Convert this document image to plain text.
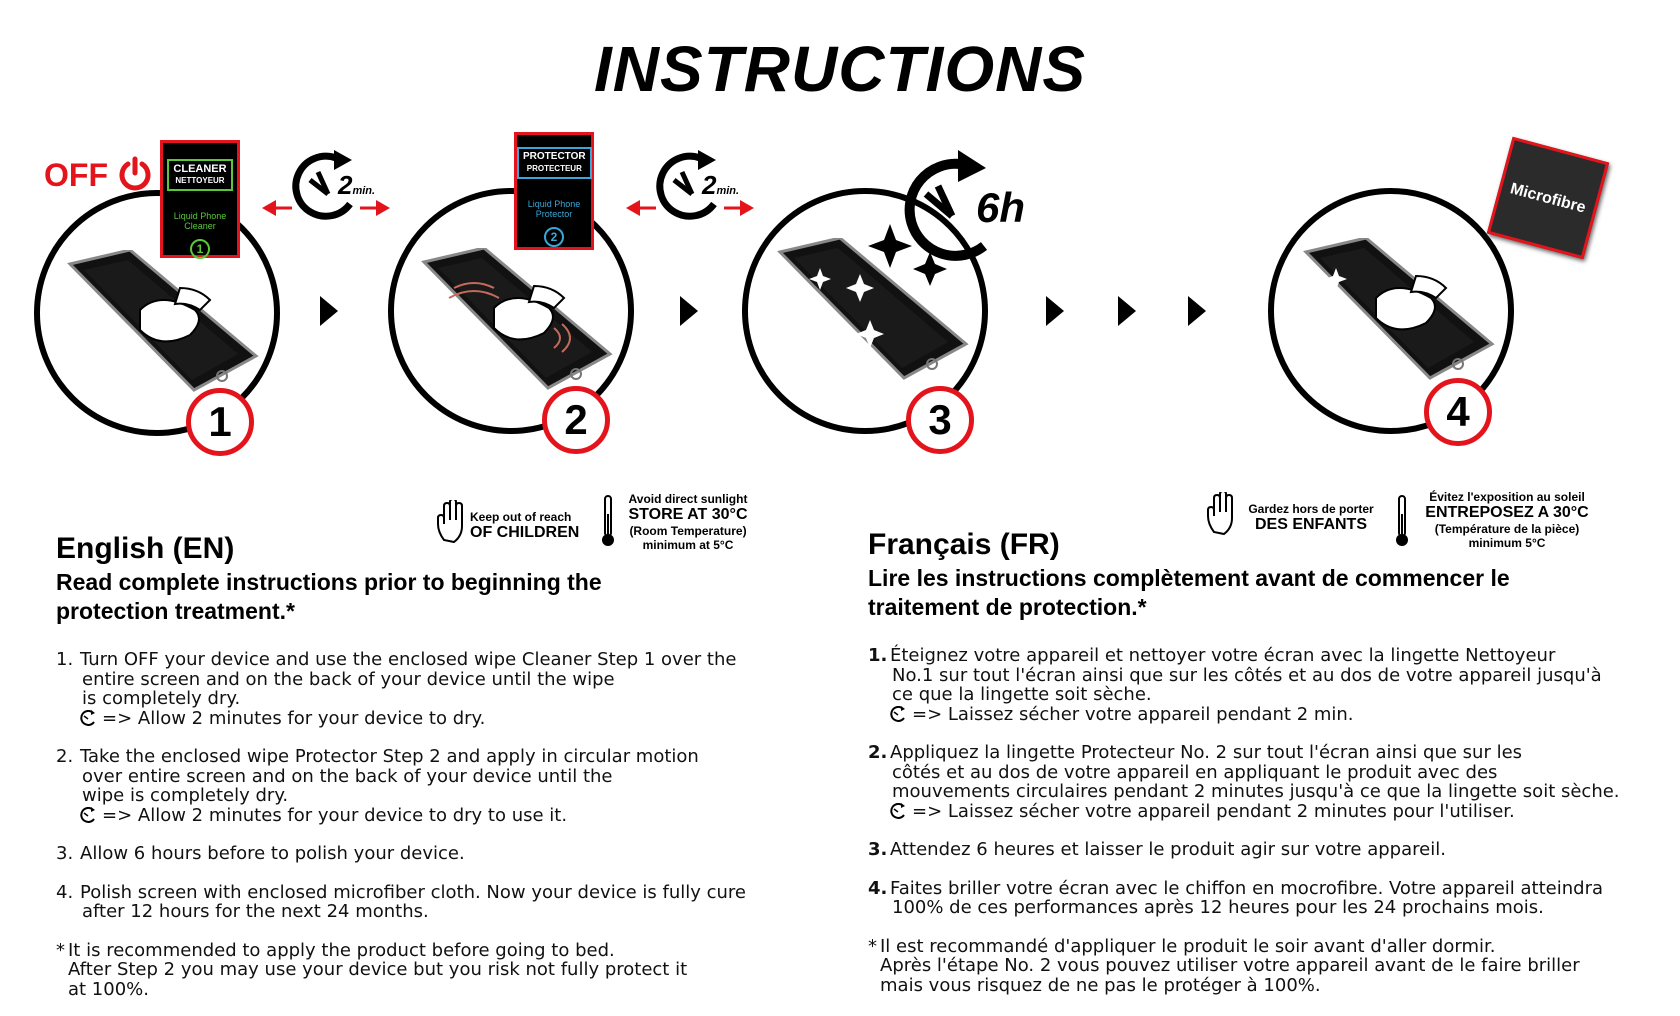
INSTRUCTIONS
OFF	CLEANER
NETTOYEUR
Liquid Phone
Cleaner
1
1
2min.
PROTECTOR
PROTECTEUR
Liquid Phone
Protector
2
2
2min.	6h
3
Microfibre
4
Keep out of reach
OF CHILDREN
Avoid direct sunlight
STORE AT 30°C
(Room Temperature)
minimum at 5°C
Gardez hors de porter
DES ENFANTS
Évitez l'exposition au soleil
ENTREPOSEZ A 30°C
(Température de la pièce)
minimum 5°C
English (EN)
Read complete instructions prior to beginning the protection treatment.*
1. Turn OFF your device and use the enclosed wipe Cleaner Step 1 over the
entire screen and on the back of your device until the wipe
is completely dry.
=> Allow 2 minutes for your device to dry.
2. Take the enclosed wipe Protector Step 2 and apply in circular motion
over entire screen and on the back of your device until the
wipe is completely dry.
=> Allow 2 minutes for your device to dry to use it.
3. Allow 6 hours before to polish your device.
4. Polish screen with enclosed microfiber cloth. Now your device is fully cure
after 12 hours for the next 24 months.
* It is recommended to apply the product before going to bed.
After Step 2 you may use your device but you risk not fully protect it
at 100%.
Français (FR)
Lire les instructions complètement avant de commencer le traitement de protection.*
1. Éteignez votre appareil et nettoyer votre écran avec la lingette Nettoyeur
No.1 sur tout l'écran ainsi que sur les côtés et au dos de votre appareil jusqu'à
ce que la lingette soit sèche.
=> Laissez sécher votre appareil pendant 2 min.
2. Appliquez la lingette Protecteur No. 2 sur tout l'écran ainsi que sur les
côtés et au dos de votre appareil en appliquant le produit avec des
mouvements circulaires pendant 2 minutes jusqu'à ce que la lingette soit sèche.
=> Laissez sécher votre appareil pendant 2 minutes pour l'utiliser.
3. Attendez 6 heures et laisser le produit agir sur votre appareil.
4. Faites briller votre écran avec le chiffon en mocrofibre. Votre appareil atteindra
100% de ces performances après 12 heures pour les 24 prochains mois.
* Il est recommandé d'appliquer le produit le soir avant d'aller dormir.
Après l'étape No. 2 vous pouvez utiliser votre appareil avant de le faire briller
mais vous risquez de ne pas le protéger à 100%.
